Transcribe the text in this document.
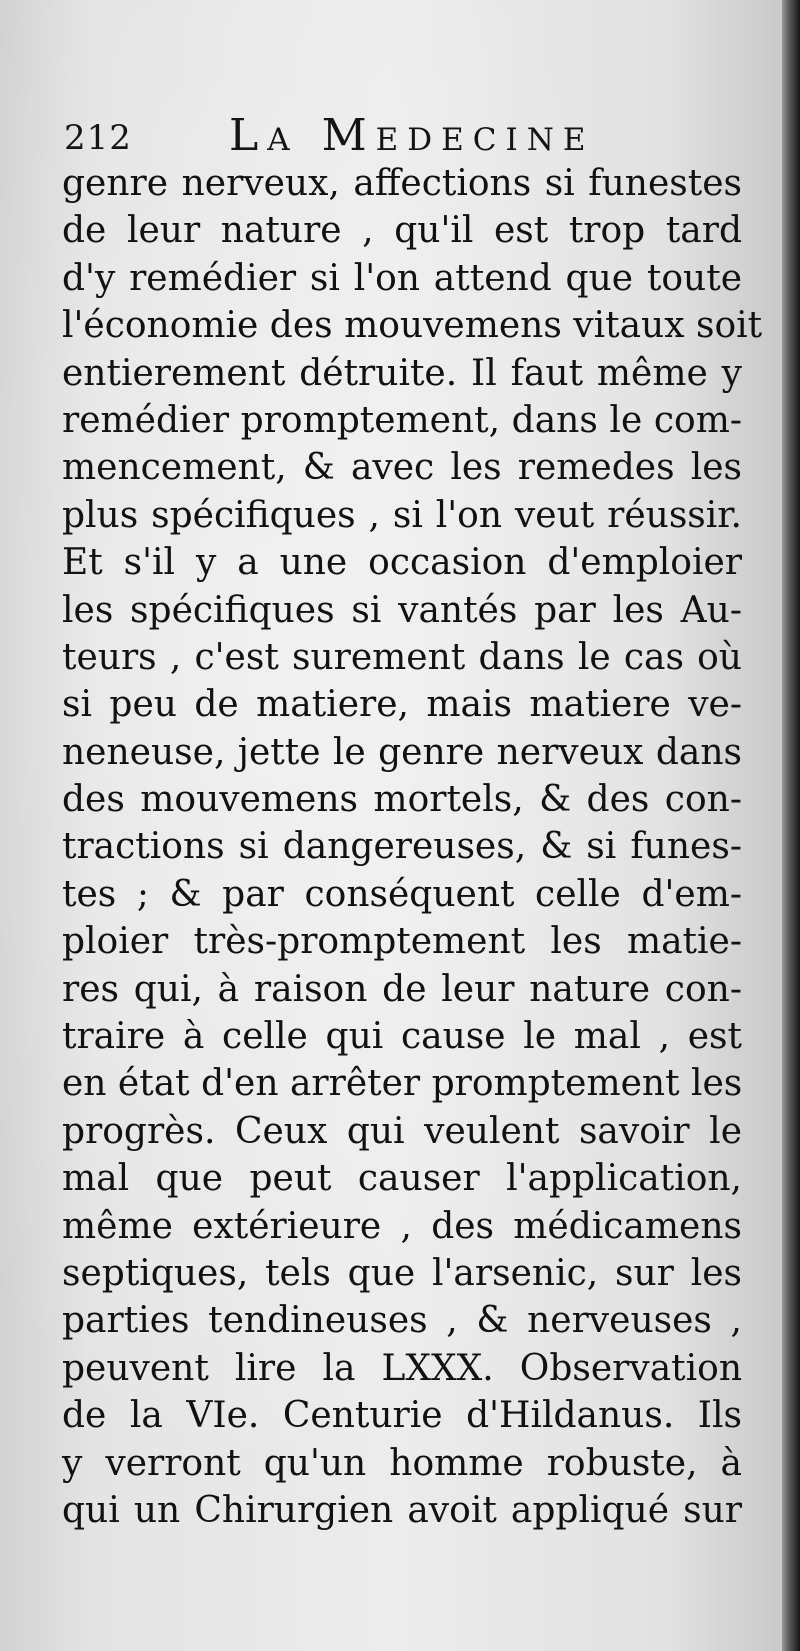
212 La Medecine
genre nerveux, affections si funestes
de leur nature , qu'il est trop tard
d'y remédier si l'on attend que toute
l'économie des mouvemens vitaux soit
entierement détruite. Il faut même y
remédier promptement, dans le com-
mencement, & avec les remedes les
plus spécifiques , si l'on veut réussir.
Et s'il y a une occasion d'emploier
les spécifiques si vantés par les Au-
teurs , c'est surement dans le cas où
si peu de matiere, mais matiere ve-
neneuse, jette le genre nerveux dans
des mouvemens mortels, & des con-
tractions si dangereuses, & si funes-
tes ; & par conséquent celle d'em-
ploier très-promptement les matie-
res qui, à raison de leur nature con-
traire à celle qui cause le mal , est
en état d'en arrêter promptement les
progrès. Ceux qui veulent savoir le
mal que peut causer l'application,
même extérieure , des médicamens
septiques, tels que l'arsenic, sur les
parties tendineuses , & nerveuses ,
peuvent lire la LXXX. Observation
de la VIe. Centurie d'Hildanus. Ils
y verront qu'un homme robuste, à
qui un Chirurgien avoit appliqué sur
